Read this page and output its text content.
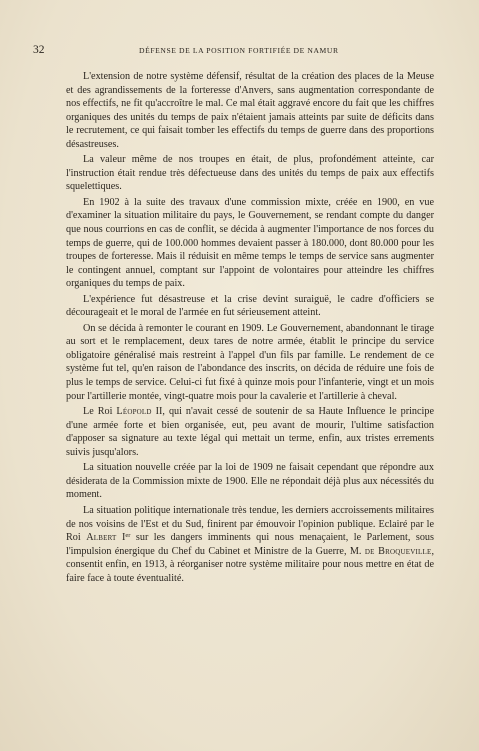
32	DÉFENSE DE LA POSITION FORTIFIÉE DE NAMUR

L'extension de notre système défensif, résultat de la création des places de la Meuse et des agrandissements de la forteresse d'Anvers, sans augmentation correspondante de nos effectifs, ne fit qu'accroître le mal. Ce mal était aggravé encore du fait que les chiffres organiques des unités du temps de paix n'étaient jamais atteints par suite de déficits dans le recrutement, ce qui faisait tomber les effectifs du temps de guerre dans des proportions désastreuses.

La valeur même de nos troupes en était, de plus, profondément atteinte, car l'instruction était rendue très défectueuse dans des unités du temps de paix aux effectifs squelettiques.

En 1902 à la suite des travaux d'une commission mixte, créée en 1900, en vue d'examiner la situation militaire du pays, le Gouvernement, se rendant compte du danger que nous courrions en cas de conflit, se décida à augmenter l'importance de nos forces du temps de guerre, qui de 100.000 hommes devaient passer à 180.000, dont 80.000 pour les troupes de forteresse. Mais il réduisit en même temps le temps de service sans augmenter le contingent annuel, comptant sur l'appoint de volontaires pour atteindre les chiffres organiques du temps de paix.

L'expérience fut désastreuse et la crise devint suraiguë, le cadre d'officiers se décourageait et le moral de l'armée en fut sérieusement atteint.

On se décida à remonter le courant en 1909. Le Gouvernement, abandonnant le tirage au sort et le remplacement, deux tares de notre armée, établit le principe du service obligatoire généralisé mais restreint à l'appel d'un fils par famille. Le rendement de ce système fut tel, qu'en raison de l'abondance des inscrits, on décida de réduire une fois de plus le temps de service. Celui-ci fut fixé à quinze mois pour l'infanterie, vingt et un mois pour l'artillerie montée, vingt-quatre mois pour la cavalerie et l'artillerie à cheval.

Le Roi Léopold II, qui n'avait cessé de soutenir de sa Haute Influence le principe d'une armée forte et bien organisée, eut, peu avant de mourir, l'ultime satisfaction d'apposer sa signature au texte légal qui mettait un terme, enfin, aux tristes errements suivis jusqu'alors.

La situation nouvelle créée par la loi de 1909 ne faisait cependant que répondre aux désiderata de la Commission mixte de 1900. Elle ne répondait déjà plus aux nécessités du moment.

La situation politique internationale très tendue, les derniers accroissements militaires de nos voisins de l'Est et du Sud, finirent par émouvoir l'opinion publique. Eclairé par le Roi Albert Ier sur les dangers imminents qui nous menaçaient, le Parlement, sous l'impulsion énergique du Chef du Cabinet et Ministre de la Guerre, M. de Broqueville, consentit enfin, en 1913, à réorganiser notre système militaire pour nous mettre en état de faire face à toute éventualité.
